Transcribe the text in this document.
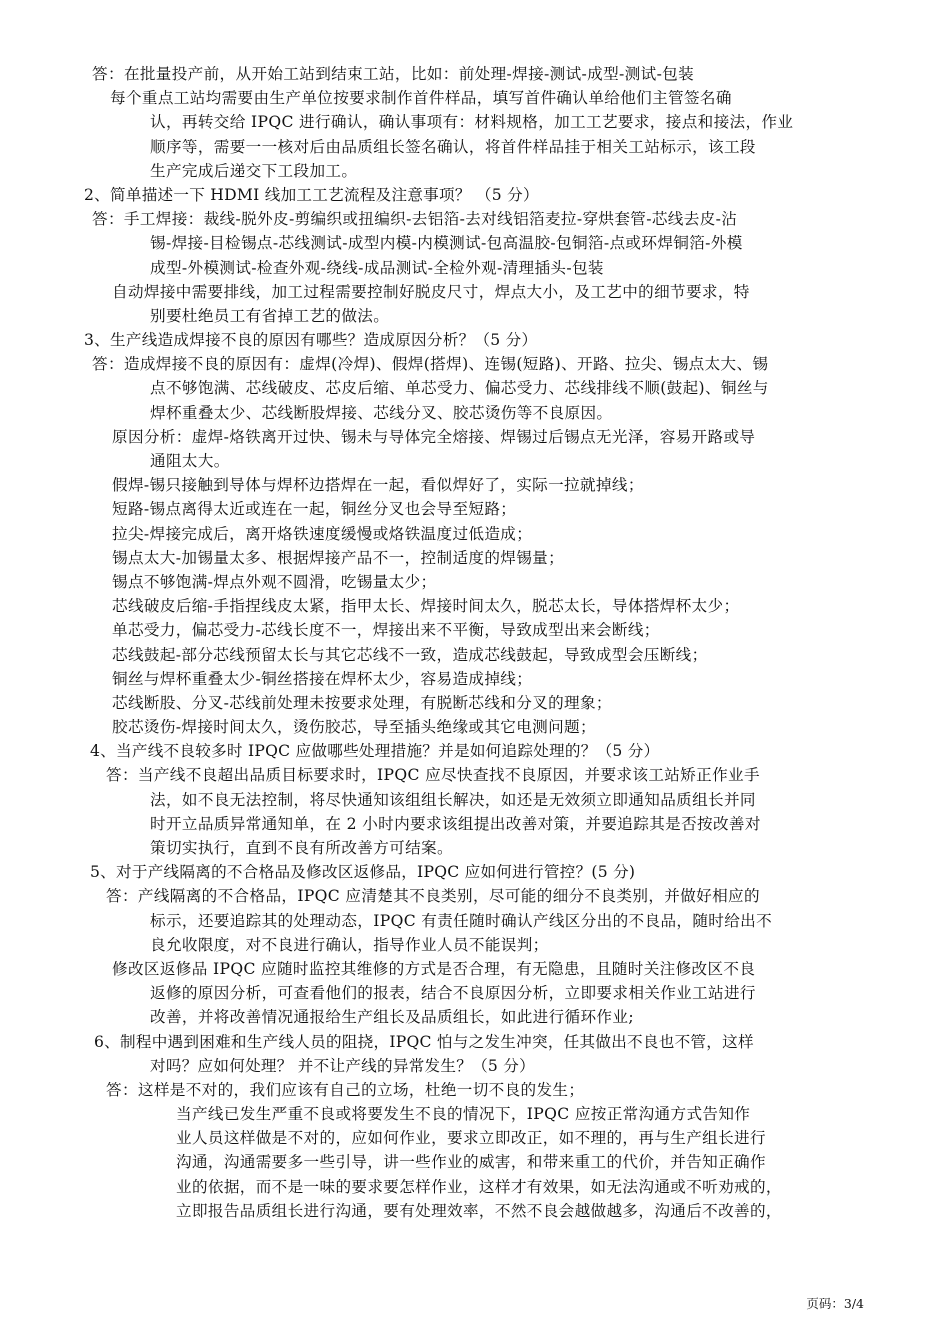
答：在批量投产前，从开始工站到结束工站，比如：前处理-焊接-测试-成型-测试-包装
每个重点工站均需要由生产单位按要求制作首件样品，填写首件确认单给他们主管签名确
认，再转交给 IPQC 进行确认，确认事项有：材料规格，加工工艺要求，接点和接法，作业
顺序等，需要一一核对后由品质组长签名确认，将首件样品挂于相关工站标示，该工段
生产完成后递交下工段加工。
2、简单描述一下 HDMI 线加工工艺流程及注意事项？ （5 分）
答：手工焊接：裁线-脱外皮-剪编织或扭编织-去铝箔-去对线铝箔麦拉-穿烘套管-芯线去皮-沾
锡-焊接-目检锡点-芯线测试-成型内模-内模测试-包高温胶-包铜箔-点或环焊铜箔-外模
成型-外模测试-检查外观-绕线-成品测试-全检外观-清理插头-包装
自动焊接中需要排线，加工过程需要控制好脱皮尺寸，焊点大小，及工艺中的细节要求，特
别要杜绝员工有省掉工艺的做法。
3、生产线造成焊接不良的原因有哪些？造成原因分析？（5 分）
答：造成焊接不良的原因有：虚焊(冷焊)、假焊(搭焊)、连锡(短路)、开路、拉尖、锡点太大、锡
点不够饱满、芯线破皮、芯皮后缩、单芯受力、偏芯受力、芯线排线不顺(鼓起)、铜丝与
焊杯重叠太少、芯线断股焊接、芯线分叉、胶芯烫伤等不良原因。
原因分析：虚焊-烙铁离开过快、锡未与导体完全熔接、焊锡过后锡点无光泽，容易开路或导
通阻太大。
假焊-锡只接触到导体与焊杯边搭焊在一起，看似焊好了，实际一拉就掉线；
短路-锡点离得太近或连在一起，铜丝分叉也会导至短路；
拉尖-焊接完成后，离开烙铁速度缓慢或烙铁温度过低造成；
锡点太大-加锡量太多、根据焊接产品不一，控制适度的焊锡量；
锡点不够饱满-焊点外观不圆滑，吃锡量太少；
芯线破皮后缩-手指捏线皮太紧，指甲太长、焊接时间太久，脱芯太长，导体搭焊杯太少；
单芯受力，偏芯受力-芯线长度不一，焊接出来不平衡，导致成型出来会断线；
芯线鼓起-部分芯线预留太长与其它芯线不一致，造成芯线鼓起，导致成型会压断线；
铜丝与焊杯重叠太少-铜丝搭接在焊杯太少，容易造成掉线；
芯线断股、分叉-芯线前处理未按要求处理，有脱断芯线和分叉的理象；
胶芯烫伤-焊接时间太久，烫伤胶芯，导至插头绝缘或其它电测问题；
4、当产线不良较多时 IPQC 应做哪些处理措施？并是如何追踪处理的？（5 分）
答：当产线不良超出品质目标要求时，IPQC 应尽快查找不良原因，并要求该工站矫正作业手
法，如不良无法控制，将尽快通知该组组长解决，如还是无效须立即通知品质组长并同
时开立品质异常通知单，在 2 小时内要求该组提出改善对策，并要追踪其是否按改善对
策切实执行，直到不良有所改善方可结案。
5、对于产线隔离的不合格品及修改区返修品，IPQC 应如何进行管控？(5 分)
答：产线隔离的不合格品，IPQC 应清楚其不良类别，尽可能的细分不良类别，并做好相应的
标示，还要追踪其的处理动态，IPQC 有责任随时确认产线区分出的不良品，随时给出不
良允收限度，对不良进行确认，指导作业人员不能误判；
修改区返修品 IPQC 应随时监控其维修的方式是否合理，有无隐患，且随时关注修改区不良
返修的原因分析，可查看他们的报表，结合不良原因分析，立即要求相关作业工站进行
改善，并将改善情况通报给生产组长及品质组长，如此进行循环作业;
6、制程中遇到困难和生产线人员的阻挠，IPQC 怕与之发生冲突，任其做出不良也不管，这样
对吗？应如何处理？ 并不让产线的异常发生？（5 分）
答：这样是不对的，我们应该有自己的立场，杜绝一切不良的发生；
当产线已发生严重不良或将要发生不良的情况下，IPQC 应按正常沟通方式告知作
业人员这样做是不对的，应如何作业，要求立即改正，如不理的，再与生产组长进行
沟通，沟通需要多一些引导，讲一些作业的威害，和带来重工的代价，并告知正确作
业的依据，而不是一味的要求要怎样作业，这样才有效果，如无法沟通或不听劝戒的，
立即报告品质组长进行沟通，要有处理效率，不然不良会越做越多，沟通后不改善的，
页码：3/4
